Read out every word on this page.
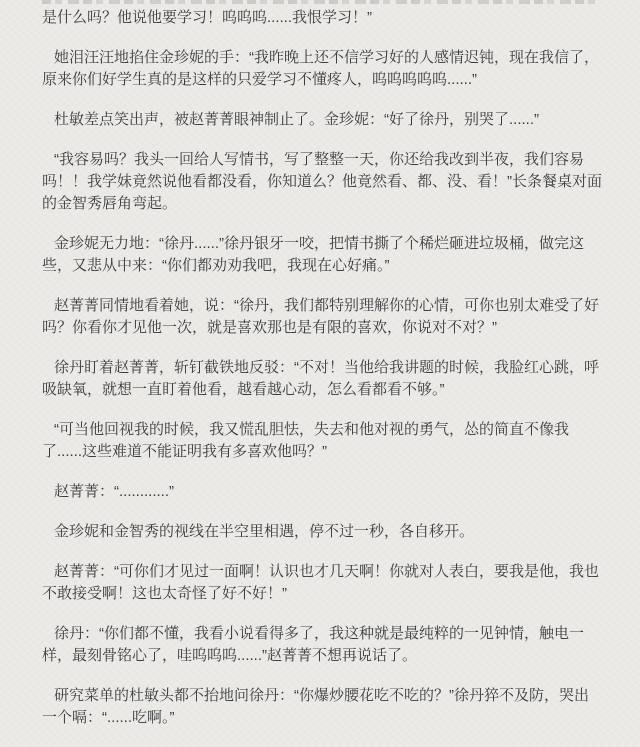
是什么吗？他说他要学习！呜呜呜......我恨学习！”

她泪汪汪地掐住金珍妮的手：“我昨晚上还不信学习好的人感情迟钝，现在我信了，
原来你们好学生真的是这样的只爱学习不懂疼人，呜呜呜呜呜......”

杜敏差点笑出声，被赵菁菁眼神制止了。金珍妮：“好了徐丹，别哭了......”

“我容易吗？我头一回给人写情书，写了整整一天，你还给我改到半夜，我们容易
吗！！我学妹竟然说他看都没看，你知道么？他竟然看、都、没、看！”长条餐桌对面
的金智秀唇角弯起。

金珍妮无力地：“徐丹......”徐丹银牙一咬，把情书撕了个稀烂砸进垃圾桶，做完这
些，又悲从中来：“你们都劝劝我吧，我现在心好痛。”

赵菁菁同情地看着她，说：“徐丹，我们都特别理解你的心情，可你也别太难受了好
吗？你看你才见他一次，就是喜欢那也是有限的喜欢，你说对不对？”

徐丹盯着赵菁菁，斩钉截铁地反驳：“不对！当他给我讲题的时候，我脸红心跳，呼
吸缺氧，就想一直盯着他看，越看越心动，怎么看都看不够。”

“可当他回视我的时候，我又慌乱胆怯，失去和他对视的勇气，怂的简直不像我
了......这些难道不能证明我有多喜欢他吗？”

赵菁菁：“............”

金珍妮和金智秀的视线在半空里相遇，停不过一秒，各自移开。

赵菁菁：“可你们才见过一面啊！认识也才几天啊！你就对人表白，要我是他，我也
不敢接受啊！这也太奇怪了好不好！”

徐丹：“你们都不懂，我看小说看得多了，我这种就是最纯粹的一见钟情，触电一
样，最刻骨铭心了，哇呜呜呜......”赵菁菁不想再说话了。

研究菜单的杜敏头都不抬地问徐丹：“你爆炒腰花吃不吃的？”徐丹猝不及防，哭出
一个嗝：“......吃啊。”
